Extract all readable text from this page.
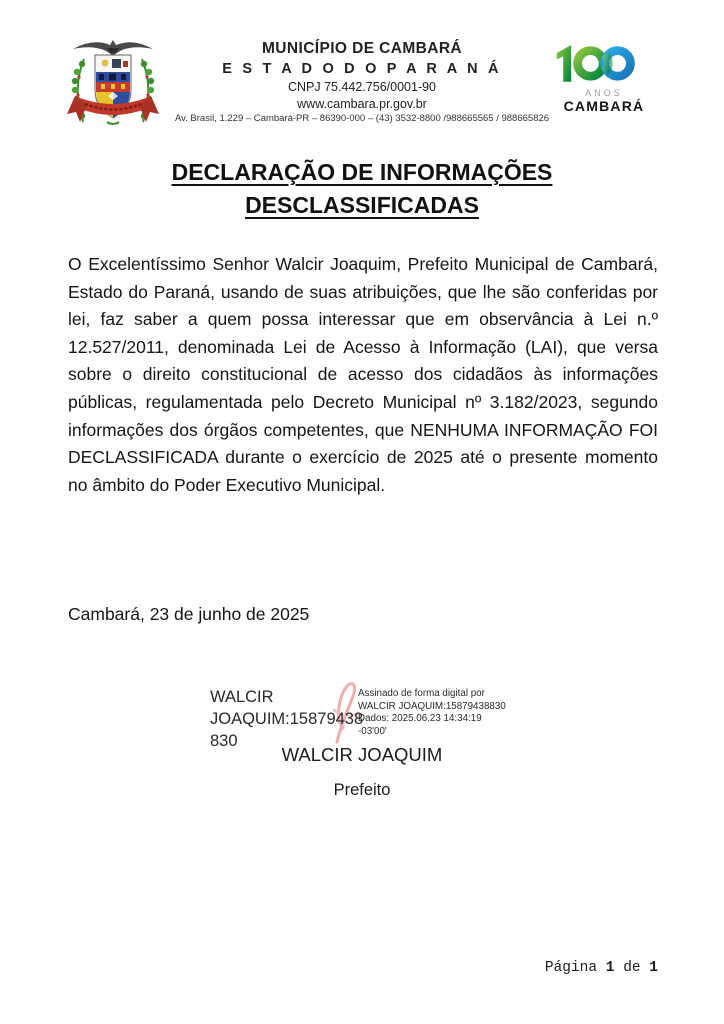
MUNICÍPIO DE CAMBARÁ
E S T A D O D O P A R A N Á
CNPJ 75.442.756/0001-90
www.cambara.pr.gov.br
Av. Brasil, 1.229 – Cambará-PR – 86390-000 – (43) 3532-8800 /988665565 / 988665826
ANOS
CAMBARÁ
DECLARAÇÃO DE INFORMAÇÕES
DESCLASSIFICADAS

O Excelentíssimo Senhor Walcir Joaquim, Prefeito Municipal de Cambará, Estado do Paraná, usando de suas atribuições, que lhe são conferidas por lei, faz saber a quem possa interessar que em observância à Lei n.º 12.527/2011, denominada Lei de Acesso à Informação (LAI), que versa sobre o direito constitucional de acesso dos cidadãos às informações públicas, regulamentada pelo Decreto Municipal nº 3.182/2023, segundo informações dos órgãos competentes, que NENHUMA INFORMAÇÃO FOI DECLASSIFICADA durante o exercício de 2025 até o presente momento no âmbito do Poder Executivo Municipal.

Cambará, 23 de junho de 2025

WALCIR
JOAQUIM:15879438
830
Assinado de forma digital por
WALCIR JOAQUIM:15879438830
Dados: 2025.06.23 14:34:19
-03'00'
WALCIR JOAQUIM
Prefeito
Página 1 de 1
